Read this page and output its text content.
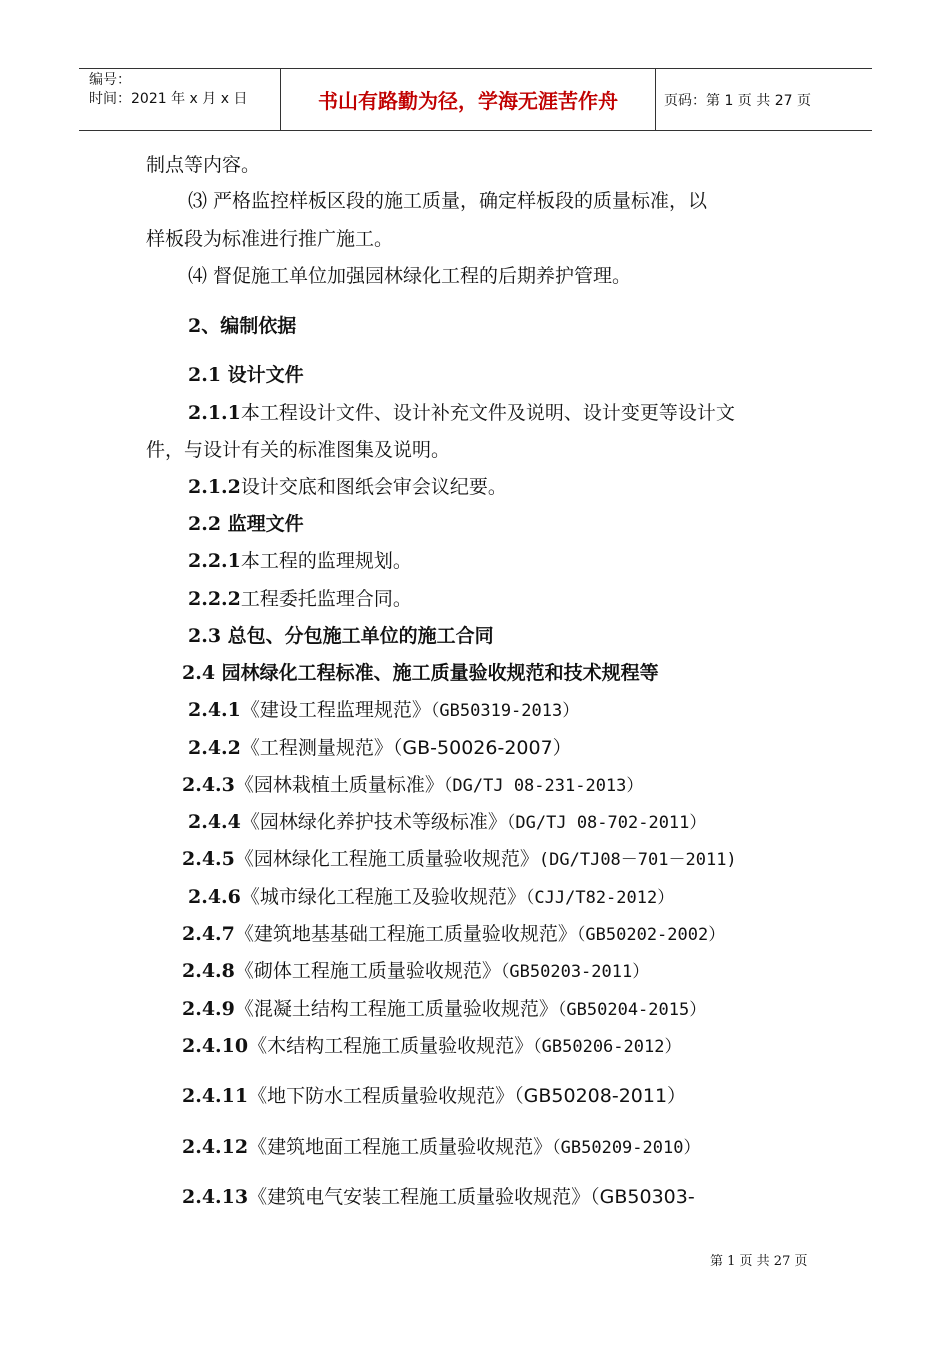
编号：
时间：2021 年 x 月 x 日	书山有路勤为径，学海无涯苦作舟	页码：第 1 页 共 27 页
制点等内容。
⑶ 严格监控样板区段的施工质量，确定样板段的质量标准，以
样板段为标准进行推广施工。
⑷ 督促施工单位加强园林绿化工程的后期养护管理。
2、编制依据
2.1 设计文件
2.1.1本工程设计文件、设计补充文件及说明、设计变更等设计文
件，与设计有关的标准图集及说明。
2.1.2设计交底和图纸会审会议纪要。
2.2 监理文件
2.2.1本工程的监理规划。
2.2.2工程委托监理合同。
2.3 总包、分包施工单位的施工合同
2.4 园林绿化工程标准、施工质量验收规范和技术规程等
2.4.1《建设工程监理规范》（GB50319-2013）
2.4.2《工程测量规范》（GB-50026-2007）
2.4.3《园林栽植土质量标准》（DG/TJ 08-231-2013）
2.4.4《园林绿化养护技术等级标准》（DG/TJ 08-702-2011）
2.4.5《园林绿化工程施工质量验收规范》(DG/TJ08－701－2011)
2.4.6《城市绿化工程施工及验收规范》（CJJ/T82-2012）
2.4.7《建筑地基基础工程施工质量验收规范》（GB50202-2002）
2.4.8《砌体工程施工质量验收规范》（GB50203-2011）
2.4.9《混凝土结构工程施工质量验收规范》（GB50204-2015）
2.4.10《木结构工程施工质量验收规范》（GB50206-2012）
2.4.11《地下防水工程质量验收规范》（GB50208-2011）
2.4.12《建筑地面工程施工质量验收规范》（GB50209-2010）
2.4.13《建筑电气安装工程施工质量验收规范》（GB50303-
第 1 页 共 27 页
